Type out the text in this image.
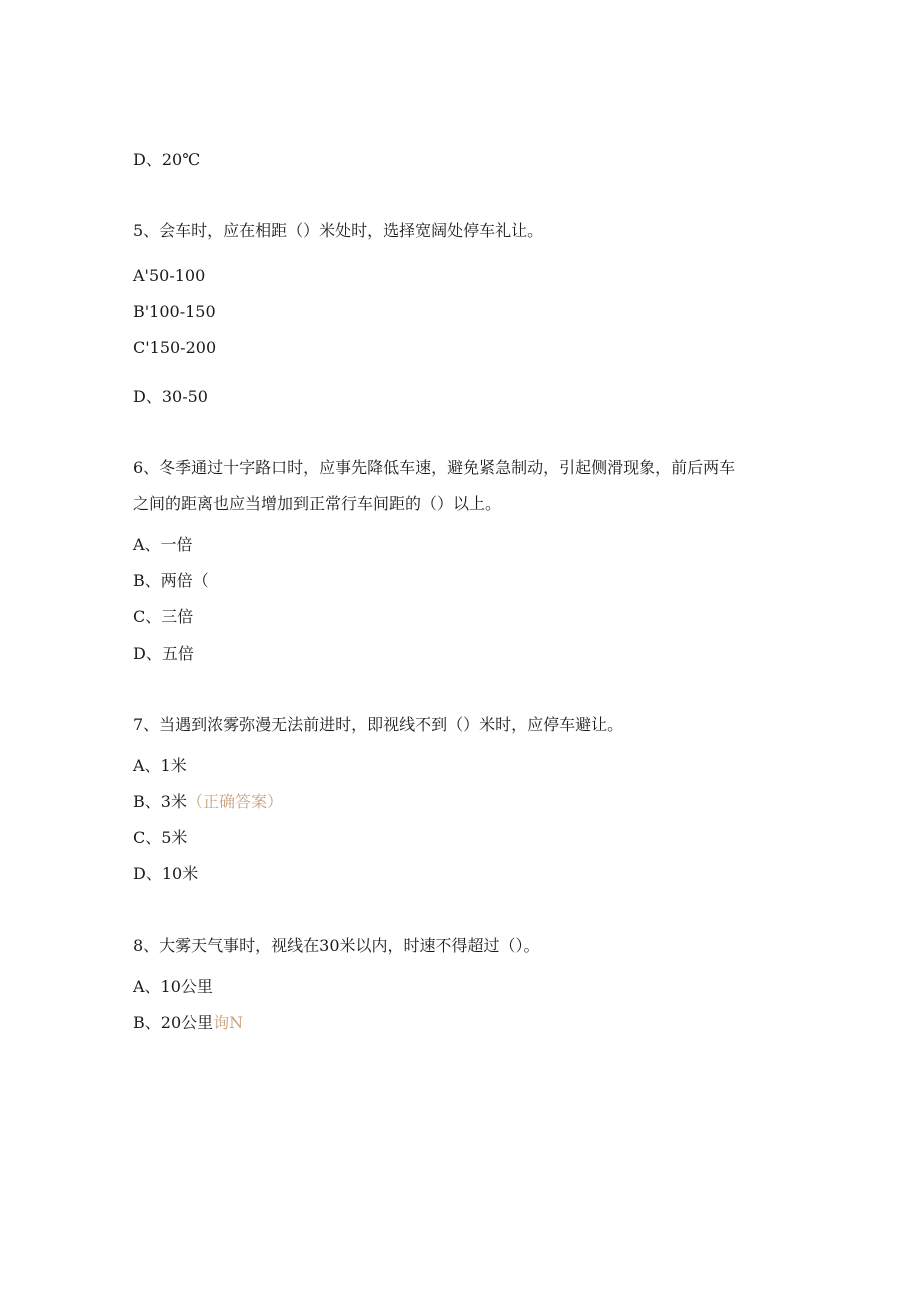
D、20℃

5、会车时，应在相距（）米处时，选择宽阔处停车礼让。

A'50-100

B'100-150

C'150-200

D、30-50

6、冬季通过十字路口时，应事先降低车速，避免紧急制动，引起侧滑现象，前后两车

之间的距离也应当增加到正常行车间距的（）以上。

A、一倍

B、两倍（

C、三倍

D、五倍

7、当遇到浓雾弥漫无法前进时，即视线不到（）米时，应停车避让。

A、1米

B、3米（正确答案）

C、5米

D、10米

8、大雾天气事时，视线在30米以内，时速不得超过（）。

A、10公里

B、20公里询N
